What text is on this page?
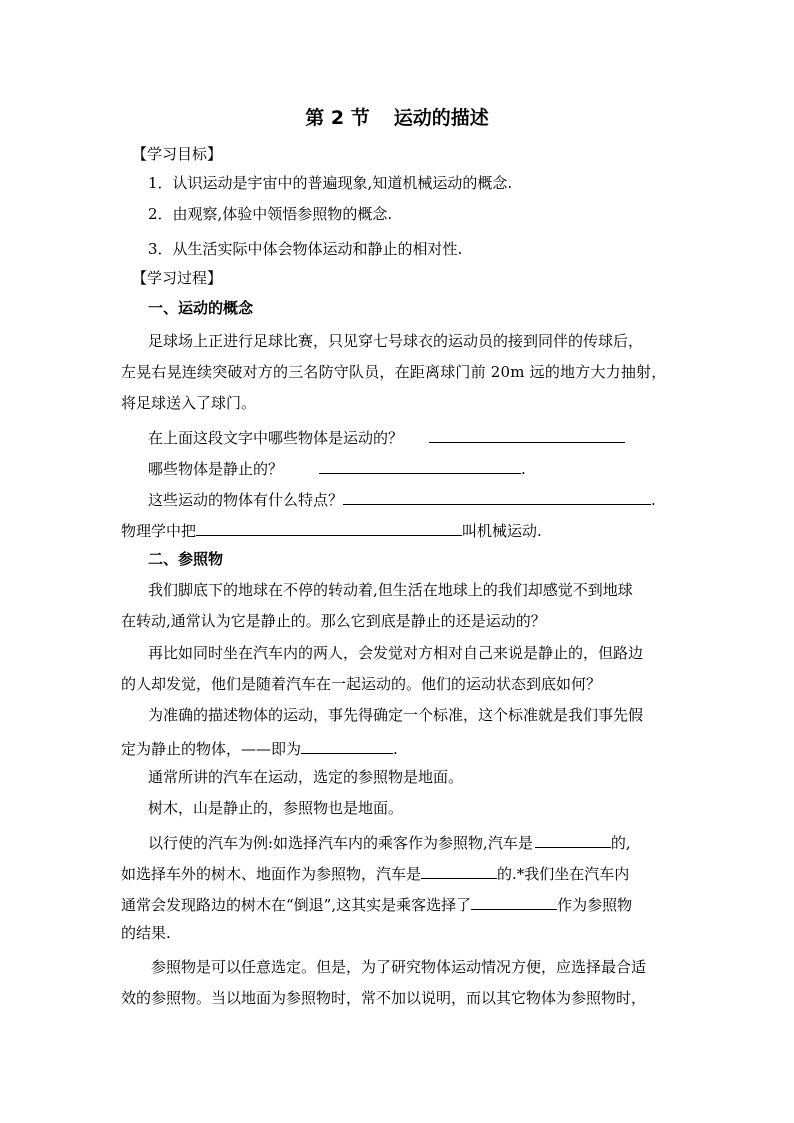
第 2 节 运动的描述
【学习目标】
1．认识运动是宇宙中的普遍现象,知道机械运动的概念.
2．由观察,体验中领悟参照物的概念.
3．从生活实际中体会物体运动和静止的相对性.
【学习过程】
一、运动的概念
足球场上正进行足球比赛，只见穿七号球衣的运动员的接到同伴的传球后，
左晃右晃连续突破对方的三名防守队员，在距离球门前 20m 远的地方大力抽射，
将足球送入了球门。
在上面这段文字中哪些物体是运动的？
哪些物体是静止的？	.
这些运动的物体有什么特点？	.
物理学中把	叫机械运动.
二、参照物
我们脚底下的地球在不停的转动着,但生活在地球上的我们却感觉不到地球
在转动,通常认为它是静止的。那么它到底是静止的还是运动的？
再比如同时坐在汽车内的两人，会发觉对方相对自己来说是静止的，但路边
的人却发觉，他们是随着汽车在一起运动的。他们的运动状态到底如何？
为准确的描述物体的运动，事先得确定一个标准，这个标准就是我们事先假
定为静止的物体，——即为	.
通常所讲的汽车在运动，选定的参照物是地面。
树木，山是静止的，参照物也是地面。
以行使的汽车为例:如选择汽车内的乘客作为参照物,汽车是	的,
如选择车外的树木、地面作为参照物，汽车是	的.*我们坐在汽车内
通常会发现路边的树木在“倒退”,这其实是乘客选择了	作为参照物
的结果.
参照物是可以任意选定。但是，为了研究物体运动情况方便，应选择最合适
效的参照物。当以地面为参照物时，常不加以说明，而以其它物体为参照物时，
